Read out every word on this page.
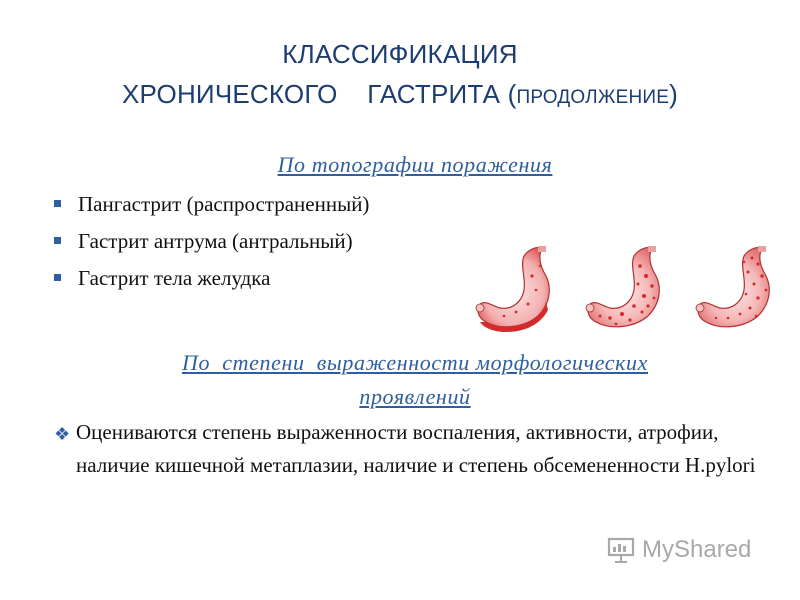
КЛАССИФИКАЦИЯ
ХРОНИЧЕСКОГО    ГАСТРИТА (ПРОДОЛЖЕНИЕ)
По топографии поражения
Пангастрит (распространенный)
Гастрит антрума (антральный)
Гастрит тела желудка
По  степени  выраженности морфологических
проявлений
❖ Оцениваются степень выраженности воспаления, активности, атрофии, наличие кишечной метаплазии, наличие и степень обсемененности H.pylori
MyShared
